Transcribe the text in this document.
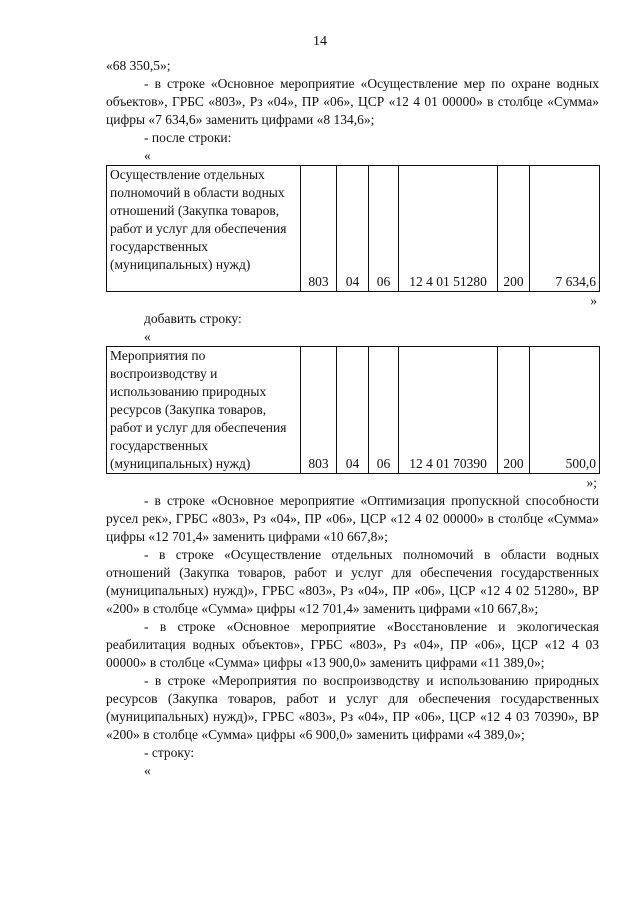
14

«68 350,5»;

- в строке «Основное мероприятие «Осуществление мер по охране водных объектов», ГРБС «803», Рз «04», ПР «06», ЦСР «12 4 01 00000» в столбце «Сумма» цифры «7 634,6» заменить цифрами «8 134,6»;

- после строки:

«

Осуществление отдельных полномочий в области водных отношений (Закупка товаров, работ и услуг для обеспечения государственных (муниципальных) нужд)	803	04	06	12 4 01 51280	200	7 634,6

»

добавить строку:

«

Мероприятия по воспроизводству и использованию природных ресурсов (Закупка товаров, работ и услуг для обеспечения государственных (муниципальных) нужд)	803	04	06	12 4 01 70390	200	500,0

»;

- в строке «Основное мероприятие «Оптимизация пропускной способности русел рек», ГРБС «803», Рз «04», ПР «06», ЦСР «12 4 02 00000» в столбце «Сумма» цифры «12 701,4» заменить цифрами «10 667,8»;

- в строке «Осуществление отдельных полномочий в области водных отношений (Закупка товаров, работ и услуг для обеспечения государственных (муниципальных) нужд)», ГРБС «803», Рз «04», ПР «06», ЦСР «12 4 02 51280», ВР «200» в столбце «Сумма» цифры «12 701,4» заменить цифрами «10 667,8»;

- в строке «Основное мероприятие «Восстановление и экологическая реабилитация водных объектов», ГРБС «803», Рз «04», ПР «06», ЦСР «12 4 03 00000» в столбце «Сумма» цифры «13 900,0» заменить цифрами «11 389,0»;

- в строке «Мероприятия по воспроизводству и использованию природных ресурсов (Закупка товаров, работ и услуг для обеспечения государственных (муниципальных) нужд)», ГРБС «803», Рз «04», ПР «06», ЦСР «12 4 03 70390», ВР «200» в столбце «Сумма» цифры «6 900,0» заменить цифрами «4 389,0»;

- строку:

«
